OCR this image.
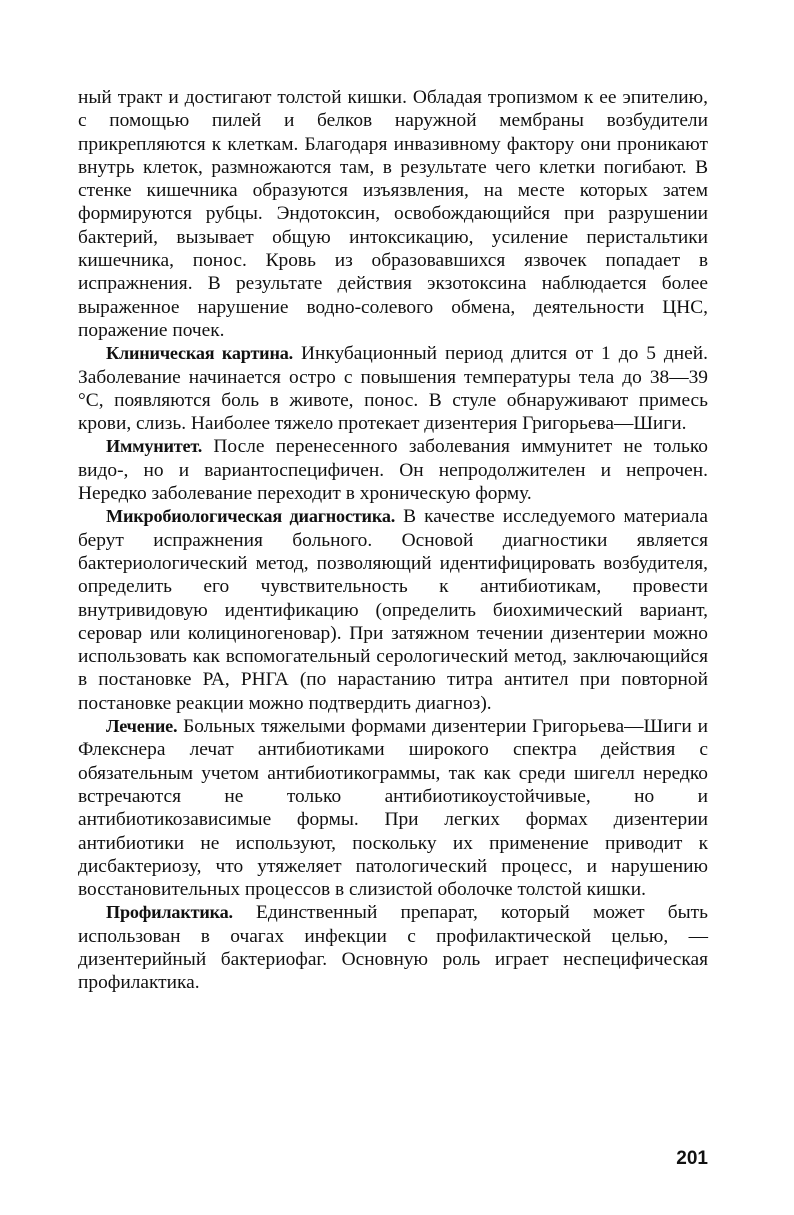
ный тракт и достигают толстой кишки. Обладая тропизмом к ее эпителию, с помощью пилей и белков наружной мембраны возбудители прикрепляются к клеткам. Благодаря инвазивному фактору они проникают внутрь клеток, размножаются там, в результате чего клетки погибают. В стенке кишечника образуются изъязвления, на месте которых затем формируются рубцы. Эндотоксин, освобождающийся при разрушении бактерий, вызывает общую интоксикацию, усиление перистальтики кишечника, понос. Кровь из образовавшихся язвочек попадает в испражнения. В результате действия экзотоксина наблюдается более выраженное нарушение водно-солевого обмена, деятельности ЦНС, поражение почек.

Клиническая картина. Инкубационный период длится от 1 до 5 дней. Заболевание начинается остро с повышения температуры тела до 38—39 °С, появляются боль в животе, понос. В стуле обнаруживают примесь крови, слизь. Наиболее тяжело протекает дизентерия Григорьева—Шиги.

Иммунитет. После перенесенного заболевания иммунитет не только видо-, но и вариантоспецифичен. Он непродолжителен и непрочен. Нередко заболевание переходит в хроническую форму.

Микробиологическая диагностика. В качестве исследуемого материала берут испражнения больного. Основой диагностики является бактериологический метод, позволяющий идентифицировать возбудителя, определить его чувствительность к антибиотикам, провести внутривидовую идентификацию (определить биохимический вариант, серовар или колициногеновар). При затяжном течении дизентерии можно использовать как вспомогательный серологический метод, заключающийся в постановке РА, РНГА (по нарастанию титра антител при повторной постановке реакции можно подтвердить диагноз).

Лечение. Больных тяжелыми формами дизентерии Григорьева—Шиги и Флекснера лечат антибиотиками широкого спектра действия с обязательным учетом антибиотикограммы, так как среди шигелл нередко встречаются не только антибиотикоустойчивые, но и антибиотикозависимые формы. При легких формах дизентерии антибиотики не используют, поскольку их применение приводит к дисбактериозу, что утяжеляет патологический процесс, и нарушению восстановительных процессов в слизистой оболочке толстой кишки.

Профилактика. Единственный препарат, который может быть использован в очагах инфекции с профилактической целью, — дизентерийный бактериофаг. Основную роль играет неспецифическая профилактика.

201
